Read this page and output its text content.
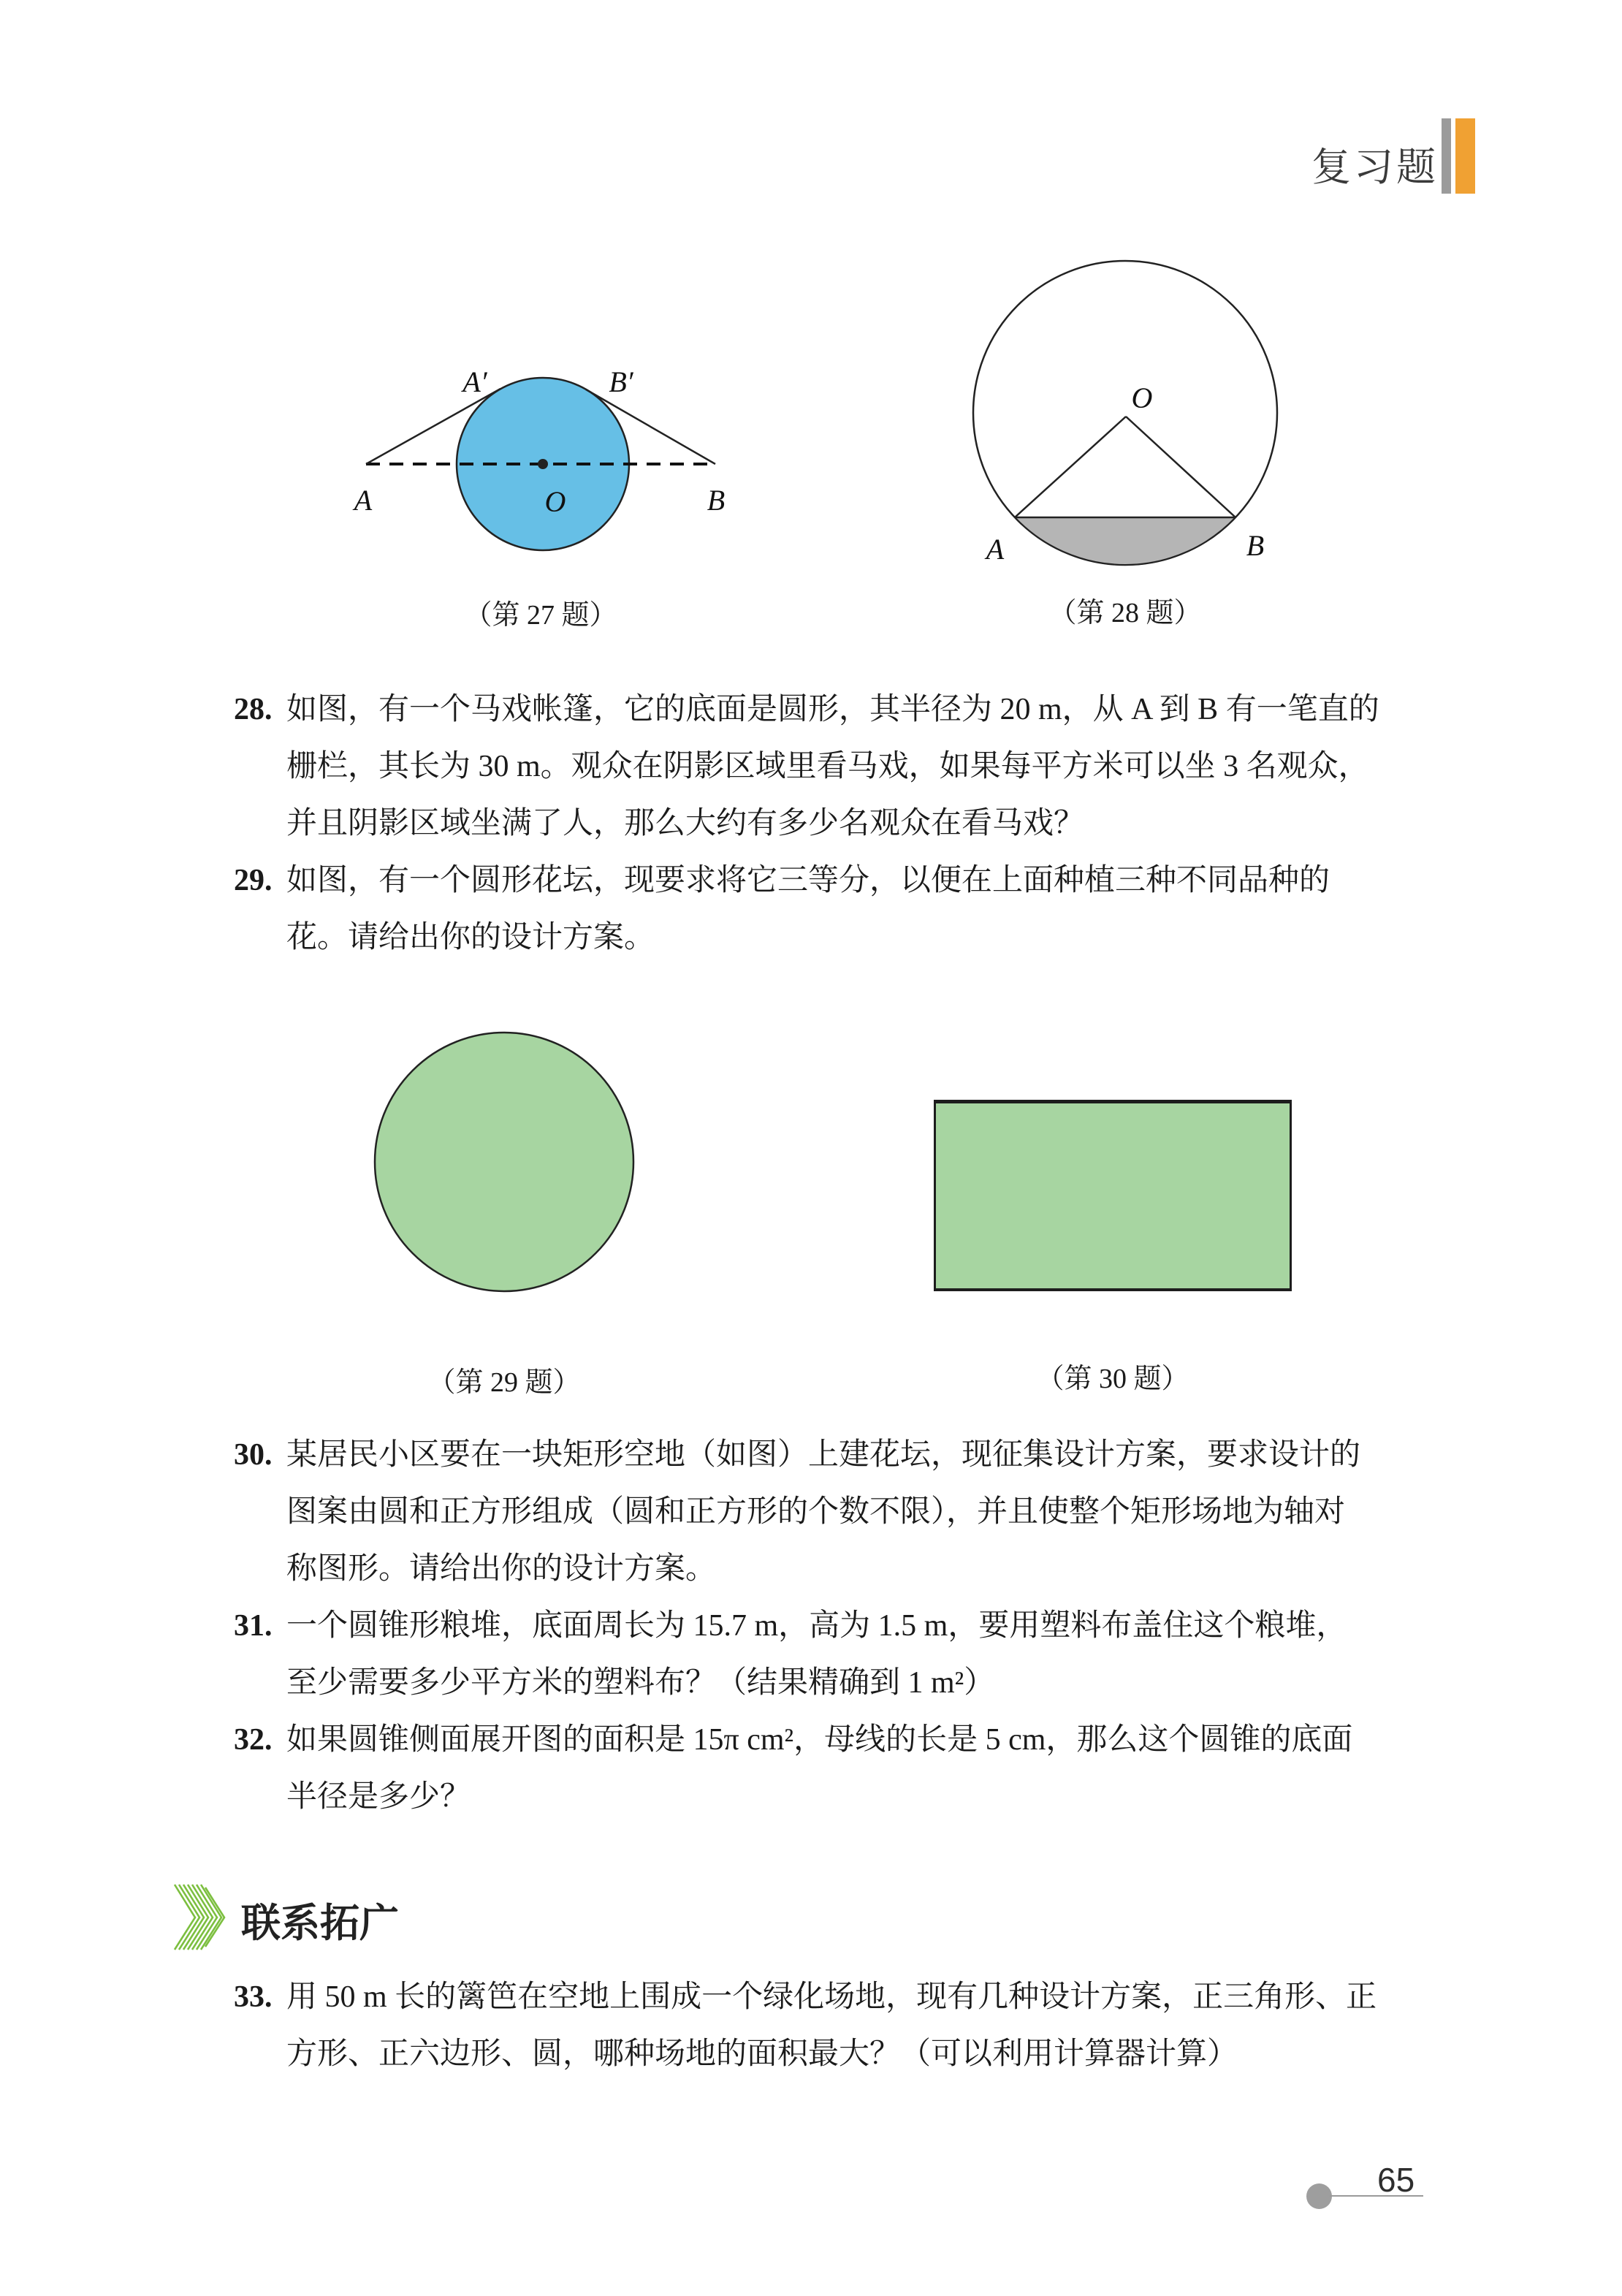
复习题
A′	B′
A	O	B
（第 27 题）
O
A	B
（第 28 题）
28. 如图，有一个马戏帐篷，它的底面是圆形，其半径为 20 m，从 A 到 B 有一笔直的
栅栏，其长为 30 m。观众在阴影区域里看马戏，如果每平方米可以坐 3 名观众，
并且阴影区域坐满了人，那么大约有多少名观众在看马戏？
29. 如图，有一个圆形花坛，现要求将它三等分，以便在上面种植三种不同品种的
花。请给出你的设计方案。
（第 29 题）	（第 30 题）
30. 某居民小区要在一块矩形空地（如图）上建花坛，现征集设计方案，要求设计的
图案由圆和正方形组成（圆和正方形的个数不限），并且使整个矩形场地为轴对
称图形。请给出你的设计方案。
31. 一个圆锥形粮堆，底面周长为 15.7 m，高为 1.5 m，要用塑料布盖住这个粮堆，
至少需要多少平方米的塑料布？（结果精确到 1 m²）
32. 如果圆锥侧面展开图的面积是 15π cm²，母线的长是 5 cm，那么这个圆锥的底面
半径是多少？
联系拓广
33. 用 50 m 长的篱笆在空地上围成一个绿化场地，现有几种设计方案，正三角形、正
方形、正六边形、圆，哪种场地的面积最大？（可以利用计算器计算）
65
